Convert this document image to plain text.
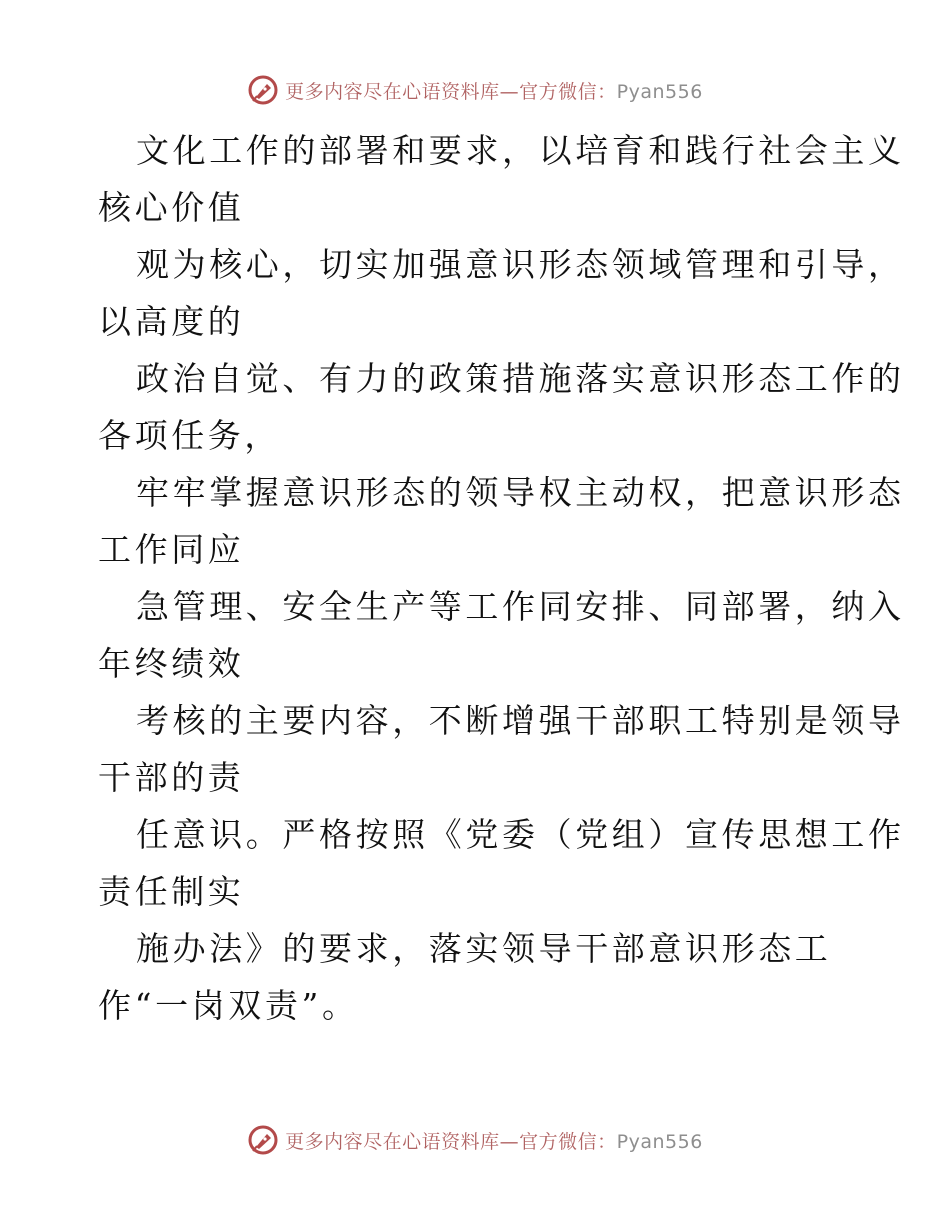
更多内容尽在心语资料库—官方微信：Pyan556
文化工作的部署和要求，以培育和践行社会主义
核心价值
观为核心，切实加强意识形态领域管理和引导，
以高度的
政治自觉、有力的政策措施落实意识形态工作的
各项任务，
牢牢掌握意识形态的领导权主动权，把意识形态
工作同应
急管理、安全生产等工作同安排、同部署，纳入
年终绩效
考核的主要内容，不断增强干部职工特别是领导
干部的责
任意识。严格按照《党委（党组）宣传思想工作
责任制实
施办法》的要求，落实领导干部意识形态工
作“一岗双责”。
更多内容尽在心语资料库—官方微信：Pyan556
